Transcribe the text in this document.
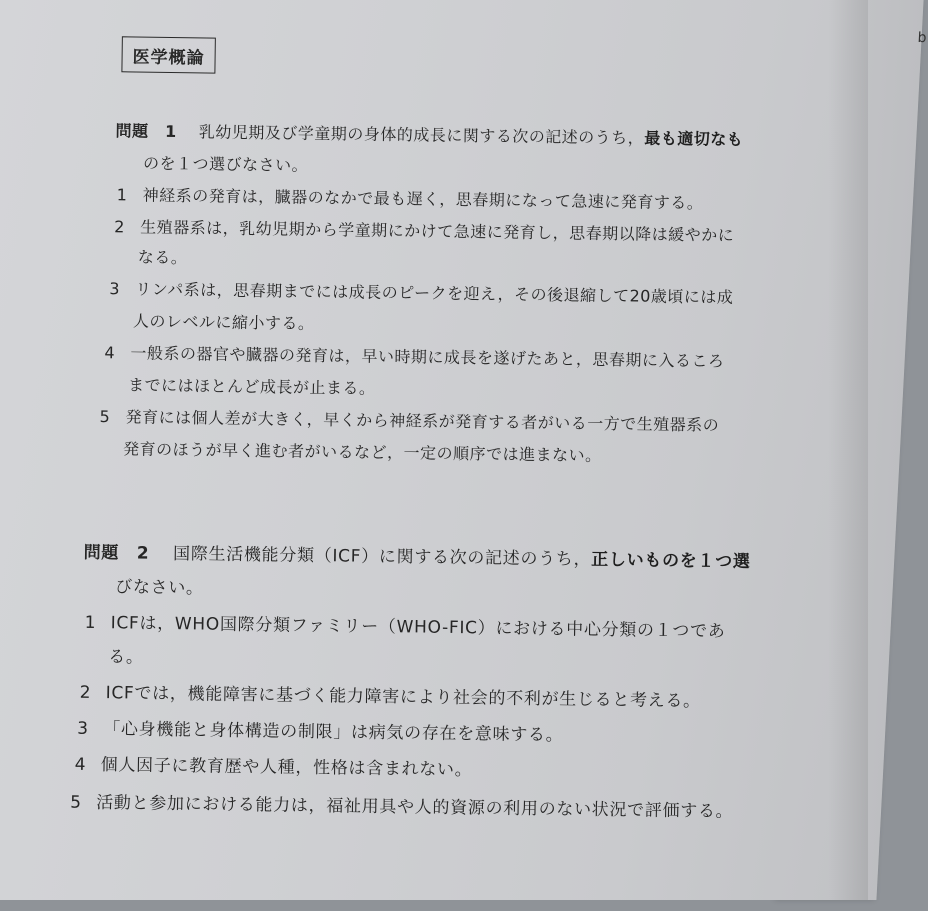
b
医学概論
問題　1　 乳幼児期及び学童期の身体的成長に関する次の記述のうち，最も適切なも
のを１つ選びなさい。
1 神経系の発育は，臓器のなかで最も遅く，思春期になって急速に発育する。
2 生殖器系は，乳幼児期から学童期にかけて急速に発育し，思春期以降は緩やかに
なる。
3 リンパ系は，思春期までには成長のピークを迎え，その後退縮して20歳頃には成
人のレベルに縮小する。
4 一般系の器官や臓器の発育は，早い時期に成長を遂げたあと，思春期に入るころ
までにはほとんど成長が止まる。
5 発育には個人差が大きく，早くから神経系が発育する者がいる一方で生殖器系の
発育のほうが早く進む者がいるなど，一定の順序では進まない。
問題　2　 国際生活機能分類（ICF）に関する次の記述のうち，正しいものを１つ選
びなさい。
1 ICFは，WHO国際分類ファミリー（WHO-FIC）における中心分類の１つであ
る。
2 ICFでは，機能障害に基づく能力障害により社会的不利が生じると考える。
3 「心身機能と身体構造の制限」は病気の存在を意味する。
4 個人因子に教育歴や人種，性格は含まれない。
5 活動と参加における能力は，福祉用具や人的資源の利用のない状況で評価する。
